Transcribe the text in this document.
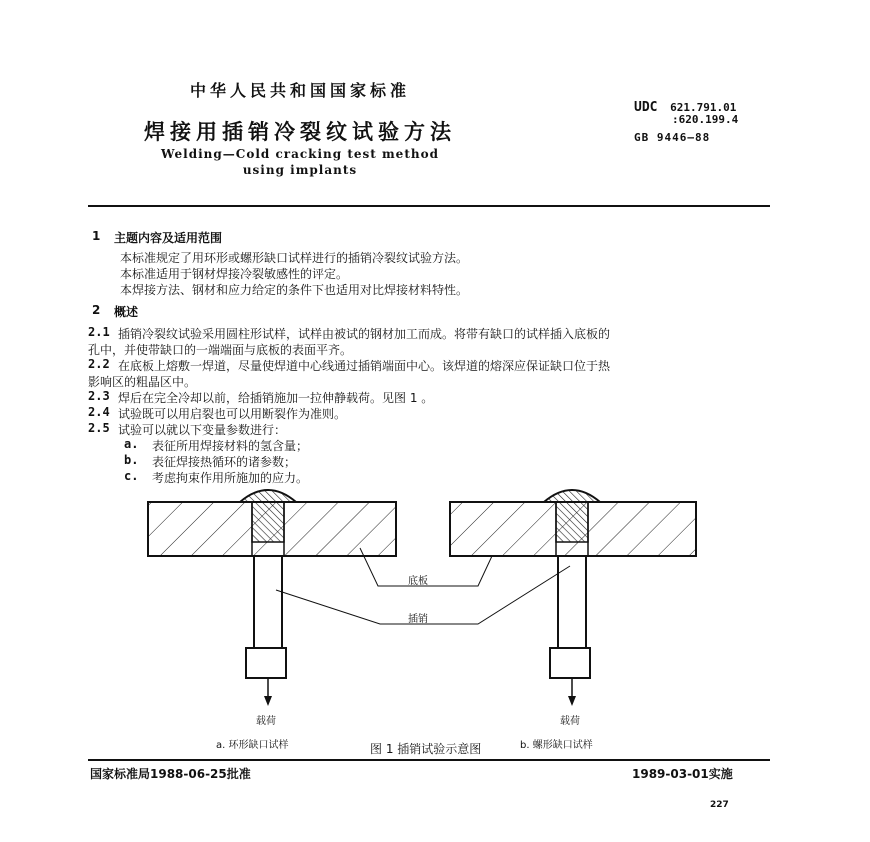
中华人民共和国国家标准
焊接用插销冷裂纹试验方法
Welding—Cold cracking test method
using implants
UDC 621.791.01
:620.199.4
GB 9446—88
1 主题内容及适用范围
本标准规定了用环形或螺形缺口试样进行的插销冷裂纹试验方法。
本标准适用于钢材焊接冷裂敏感性的评定。
本焊接方法、钢材和应力给定的条件下也适用对比焊接材料特性。
2 概述
2.1 插销冷裂纹试验采用圆柱形试样，试样由被试的钢材加工而成。将带有缺口的试样插入底板的
孔中，并使带缺口的一端端面与底板的表面平齐。
2.2 在底板上熔敷一焊道，尽量使焊道中心线通过插销端面中心。该焊道的熔深应保证缺口位于热
影响区的粗晶区中。
2.3 焊后在完全冷却以前，给插销施加一拉伸静载荷。见图 1 。
2.4 试验既可以用启裂也可以用断裂作为准则。
2.5 试验可以就以下变量参数进行：
a. 表征所用焊接材料的氢含量；
b. 表征焊接热循环的诸参数；
c. 考虑拘束作用所施加的应力。
底板
插销
载荷	载荷
a. 环形缺口试样	b. 螺形缺口试样
图 1 插销试验示意图
国家标准局1988-06-25批准	1989-03-01实施
227
